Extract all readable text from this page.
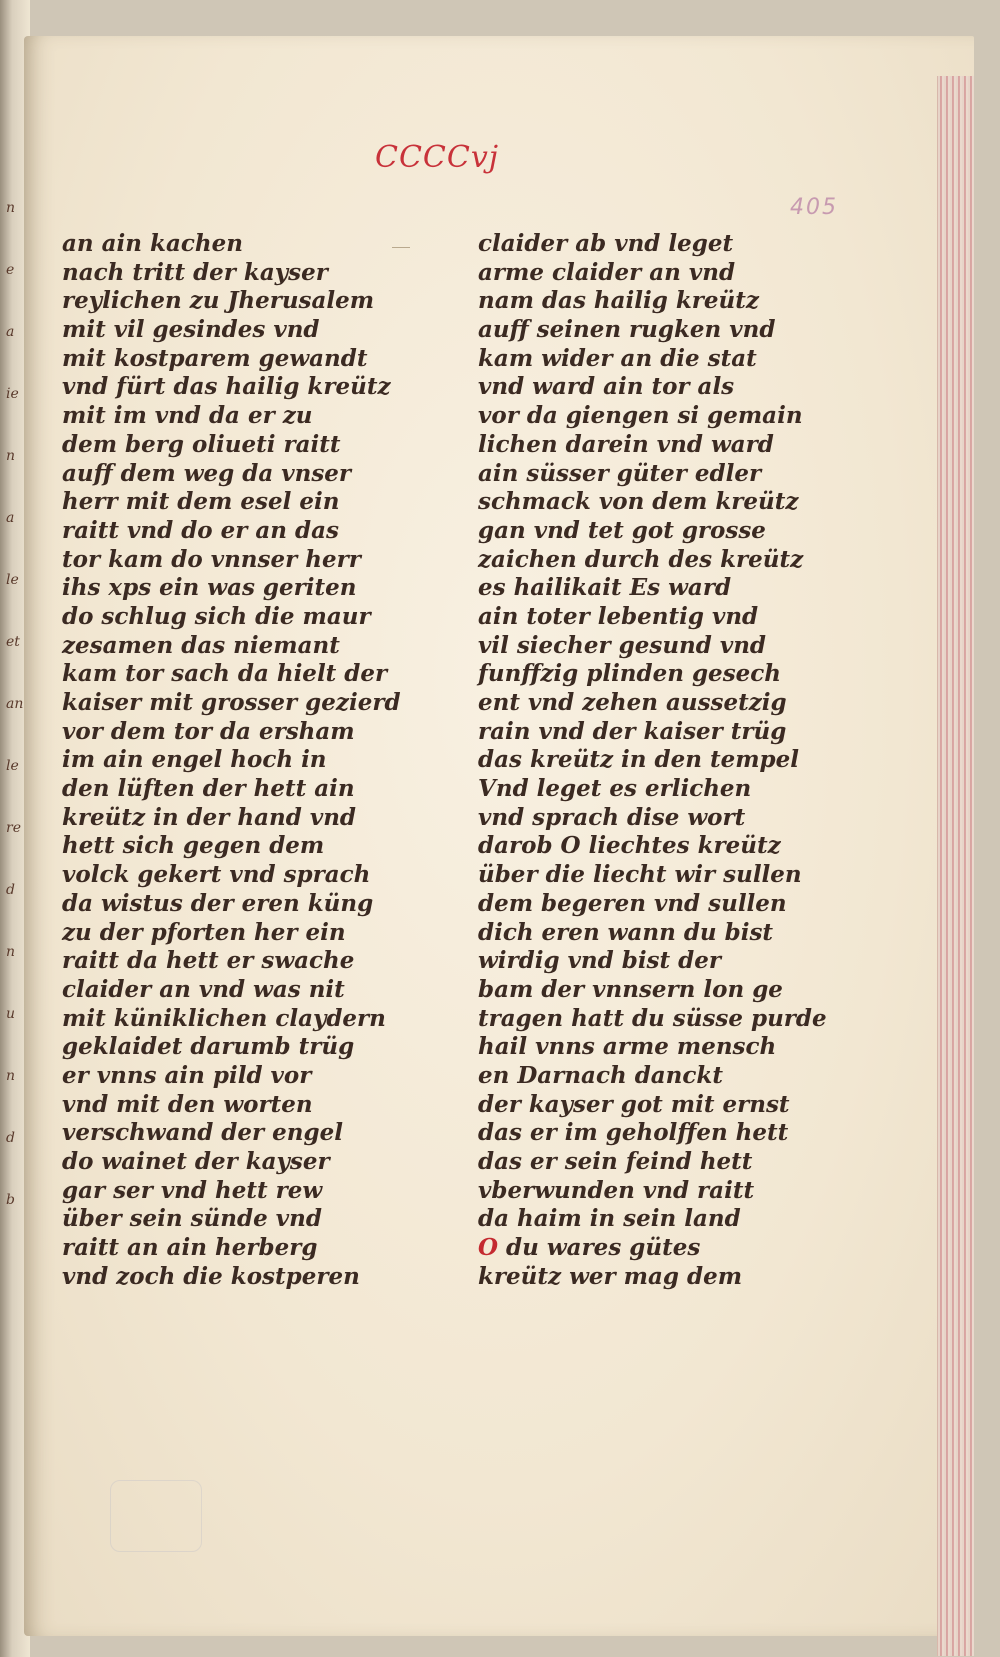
n
e
a
ie
n
a
le
et
an
le
re
d
n
u
n
d
b
CCCCvj
405
an ain kachen
nach tritt der kayser
reylichen zu Jherusalem
mit vil gesindes vnd
mit kostparem gewandt
vnd fürt das hailig kreütz
mit im vnd da er zu
dem berg oliueti raitt
auff dem weg da vnser
herr mit dem esel ein
raitt vnd do er an das
tor kam do vnnser herr
ihs xps ein was geriten
do schlug sich die maur
zesamen das niemant
kam tor sach da hielt der
kaiser mit grosser gezierd
vor dem tor da ersham
im ain engel hoch in
den lüften der hett ain
kreütz in der hand vnd
hett sich gegen dem
volck gekert vnd sprach
da wistus der eren küng
zu der pforten her ein
raitt da hett er swache
claider an vnd was nit
mit küniklichen claydern
geklaidet darumb trüg
er vnns ain pild vor
vnd mit den worten
verschwand der engel
do wainet der kayser
gar ser vnd hett rew
über sein sünde vnd
raitt an ain herberg
vnd zoch die kostperen
claider ab vnd leget
arme claider an vnd
nam das hailig kreütz
auff seinen rugken vnd
kam wider an die stat
vnd ward ain tor als
vor da giengen si gemain
lichen darein vnd ward
ain süsser güter edler
schmack von dem kreütz
gan vnd tet got grosse
zaichen durch des kreütz
es hailikait Es ward
ain toter lebentig vnd
vil siecher gesund vnd
funffzig plinden gesech
ent vnd zehen aussetzig
rain vnd der kaiser trüg
das kreütz in den tempel
Vnd leget es erlichen
vnd sprach dise wort
darob O liechtes kreütz
über die liecht wir sullen
dem begeren vnd sullen
dich eren wann du bist
wirdig vnd bist der
bam der vnnsern lon ge
tragen hatt du süsse purde
hail vnns arme mensch
en Darnach danckt
der kayser got mit ernst
das er im geholffen hett
das er sein feind hett
vberwunden vnd raitt
da haim in sein land
O du wares gütes
kreütz wer mag dem
